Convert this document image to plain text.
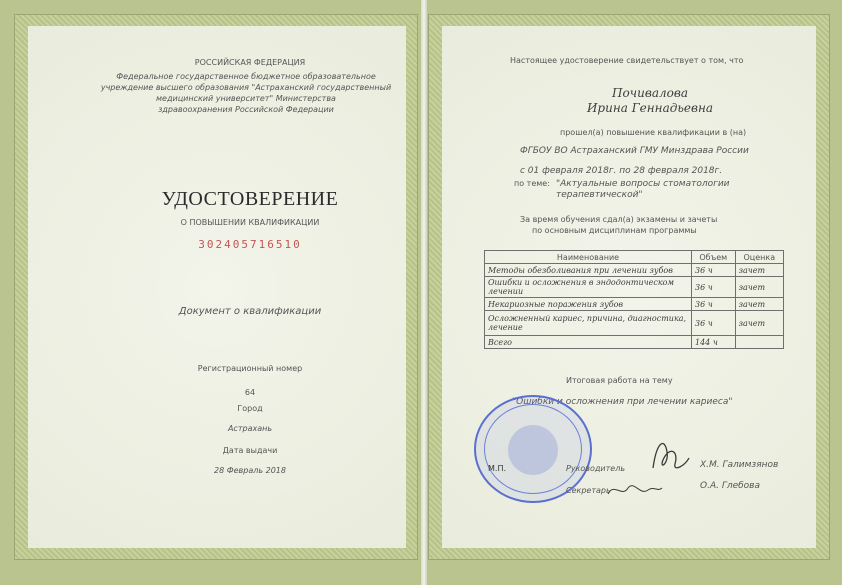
РОССИЙСКАЯ ФЕДЕРАЦИЯ
Федеральное государственное бюджетное образовательное
учреждение высшего образования "Астраханский государственный
медицинский университет" Министерства
здравоохранения Российской Федерации
УДОСТОВЕРЕНИЕ
О ПОВЫШЕНИИ КВАЛИФИКАЦИИ
302405716510
Документ о квалификации
Регистрационный номер
64
Город
Астрахань
Дата выдачи
28 Февраль 2018
Настоящее удостоверение свидетельствует о том, что
Почивалова
Ирина Геннадьевна
прошел(а) повышение квалификации в (на)
ФГБОУ ВО Астраханский ГМУ Минздрава России
с 01 февраля 2018г. по 28 февраля 2018г.
по теме: "Актуальные вопросы стоматологии
терапевтической"
За время обучения сдал(а) экзамены и зачеты
по основным дисциплинам программы
Наименование	Объем	Оценка
Методы обезболивания при лечении зубов	36 ч	зачет
Ошибки и осложнения в эндодонтическом лечении	36 ч	зачет
Некариозные поражения зубов	36 ч	зачет
Осложненный кариес, причина, диагностика, лечение	36 ч	зачет
Всего	144 ч	
Итоговая работа на тему
"Ошибки и осложнения при лечении кариеса"
М.П.	Руководитель
Секретарь
Х.М. Галимзянов
О.А. Глебова
